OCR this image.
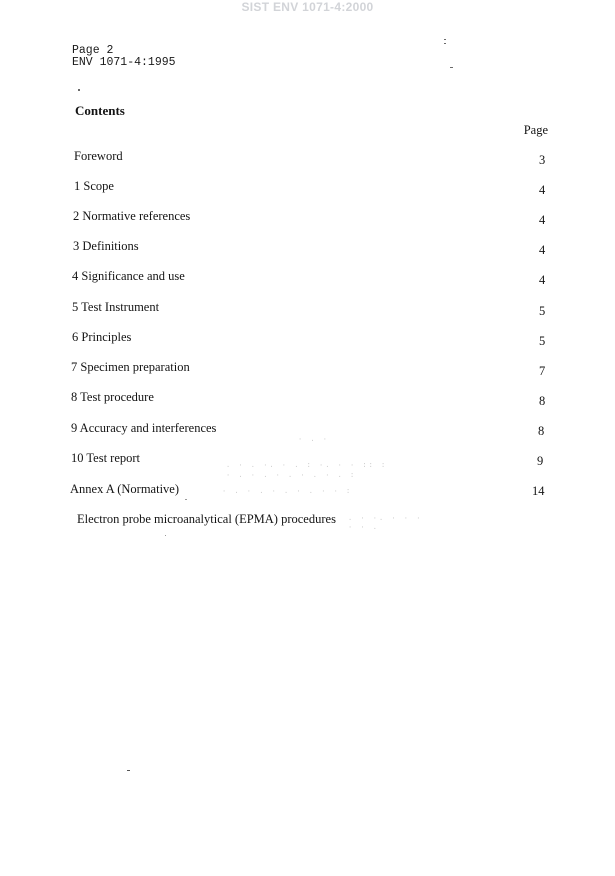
SIST ENV 1071-4:2000
Page 2
ENV 1071-4:1995
Contents
Page
Foreword	3
1 Scope	4
2 Normative references	4
3 Definitions	4
4 Significance and use	4
5 Test Instrument	5
6 Principles	5
7 Specimen preparation	7
8 Test procedure	8
9 Accuracy and interferences	8
10 Test report	9
Annex A (Normative)	14
Electron probe microanalytical (EPMA) procedures
. · . ·. · . : ·. · · :: :
· . · . · . · . · . :
· . · . · . · . · · :
· . ·
. · ·. · · ·
· · .
